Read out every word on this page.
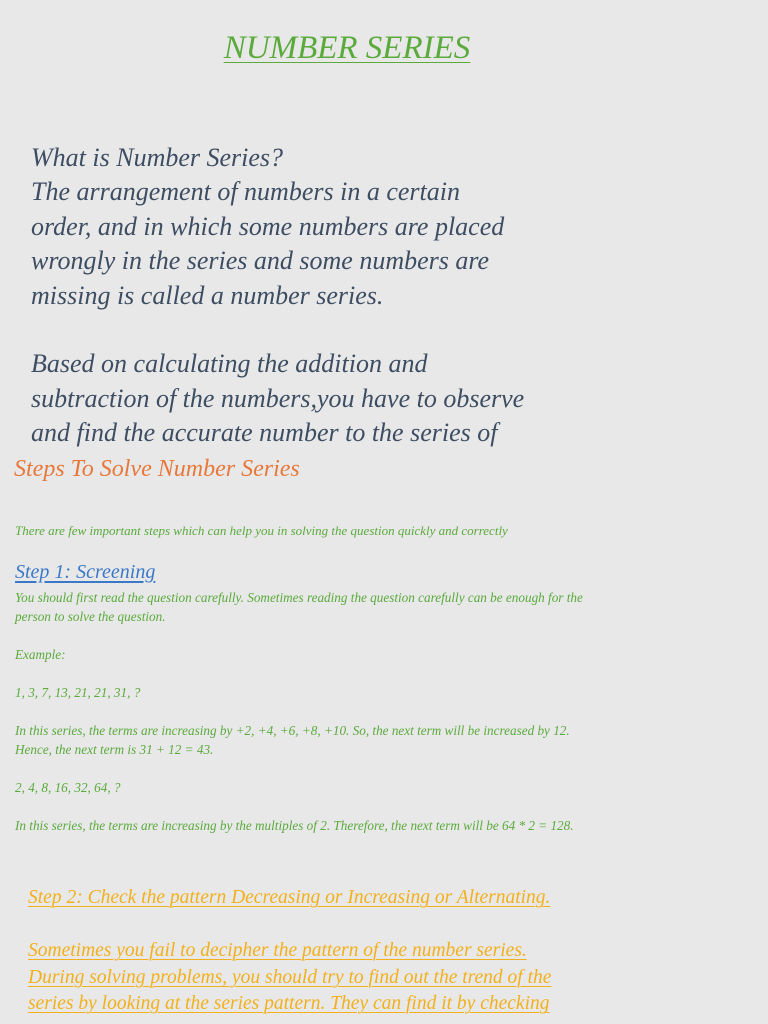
NUMBER SERIES

What is Number Series?

The arrangement of numbers in a certain

order, and in which some numbers are placed

wrongly in the series and some numbers are

missing is called a number series.

Based on calculating the addition and

subtraction of the numbers,you have to observe

and find the accurate number to the series of

Steps To Solve Number Series
There are few important steps which can help you in solving the question quickly and correctly
Step 1: Screening

You should first read the question carefully. Sometimes reading the question carefully can be enough for the

person to solve the question.

Example:

1, 3, 7, 13, 21, 21, 31, ?

In this series, the terms are increasing by +2, +4, +6, +8, +10. So, the next term will be increased by 12.

Hence, the next term is 31 + 12 = 43.

2, 4, 8, 16, 32, 64, ?

In this series, the terms are increasing by the multiples of 2. Therefore, the next term will be 64 * 2 = 128.

Step 2: Check the pattern Decreasing or Increasing or Alternating.

Sometimes you fail to decipher the pattern of the number series.

During solving problems, you should try to find out the trend of the

series by looking at the series pattern. They can find it by checking
